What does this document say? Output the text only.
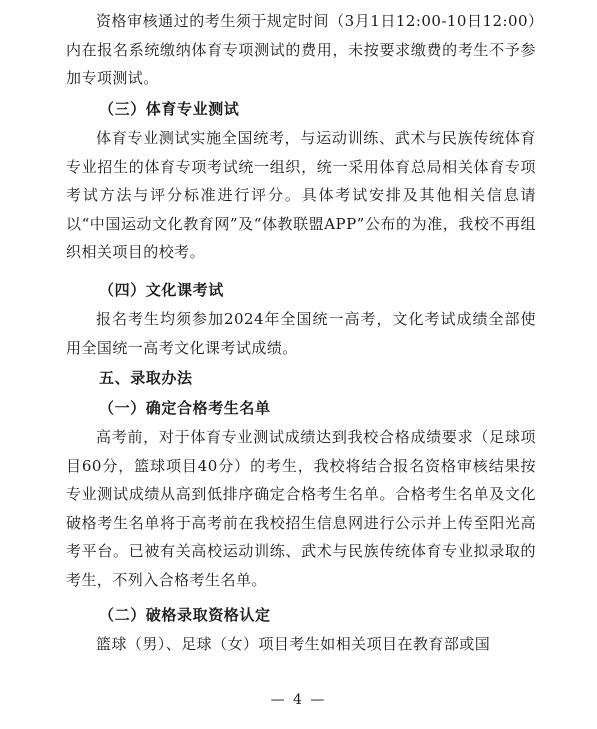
资格审核通过的考生须于规定时间（3月1日12:00-10日12:00）内在报名系统缴纳体育专项测试的费用，未按要求缴费的考生不予参加专项测试。

（三）体育专业测试

体育专业测试实施全国统考，与运动训练、武术与民族传统体育专业招生的体育专项考试统一组织，统一采用体育总局相关体育专项考试方法与评分标准进行评分。具体考试安排及其他相关信息请以“中国运动文化教育网”及“体教联盟APP”公布的为准，我校不再组织相关项目的校考。

（四）文化课考试

报名考生均须参加2024年全国统一高考，文化考试成绩全部使用全国统一高考文化课考试成绩。

五、录取办法
（一）确定合格考生名单

高考前，对于体育专业测试成绩达到我校合格成绩要求（足球项目60分，篮球项目40分）的考生，我校将结合报名资格审核结果按专业测试成绩从高到低排序确定合格考生名单。合格考生名单及文化破格考生名单将于高考前在我校招生信息网进行公示并上传至阳光高考平台。已被有关高校运动训练、武术与民族传统体育专业拟录取的考生，不列入合格考生名单。

（二）破格录取资格认定

篮球（男）、足球（女）项目考生如相关项目在教育部或国

— 4 —
